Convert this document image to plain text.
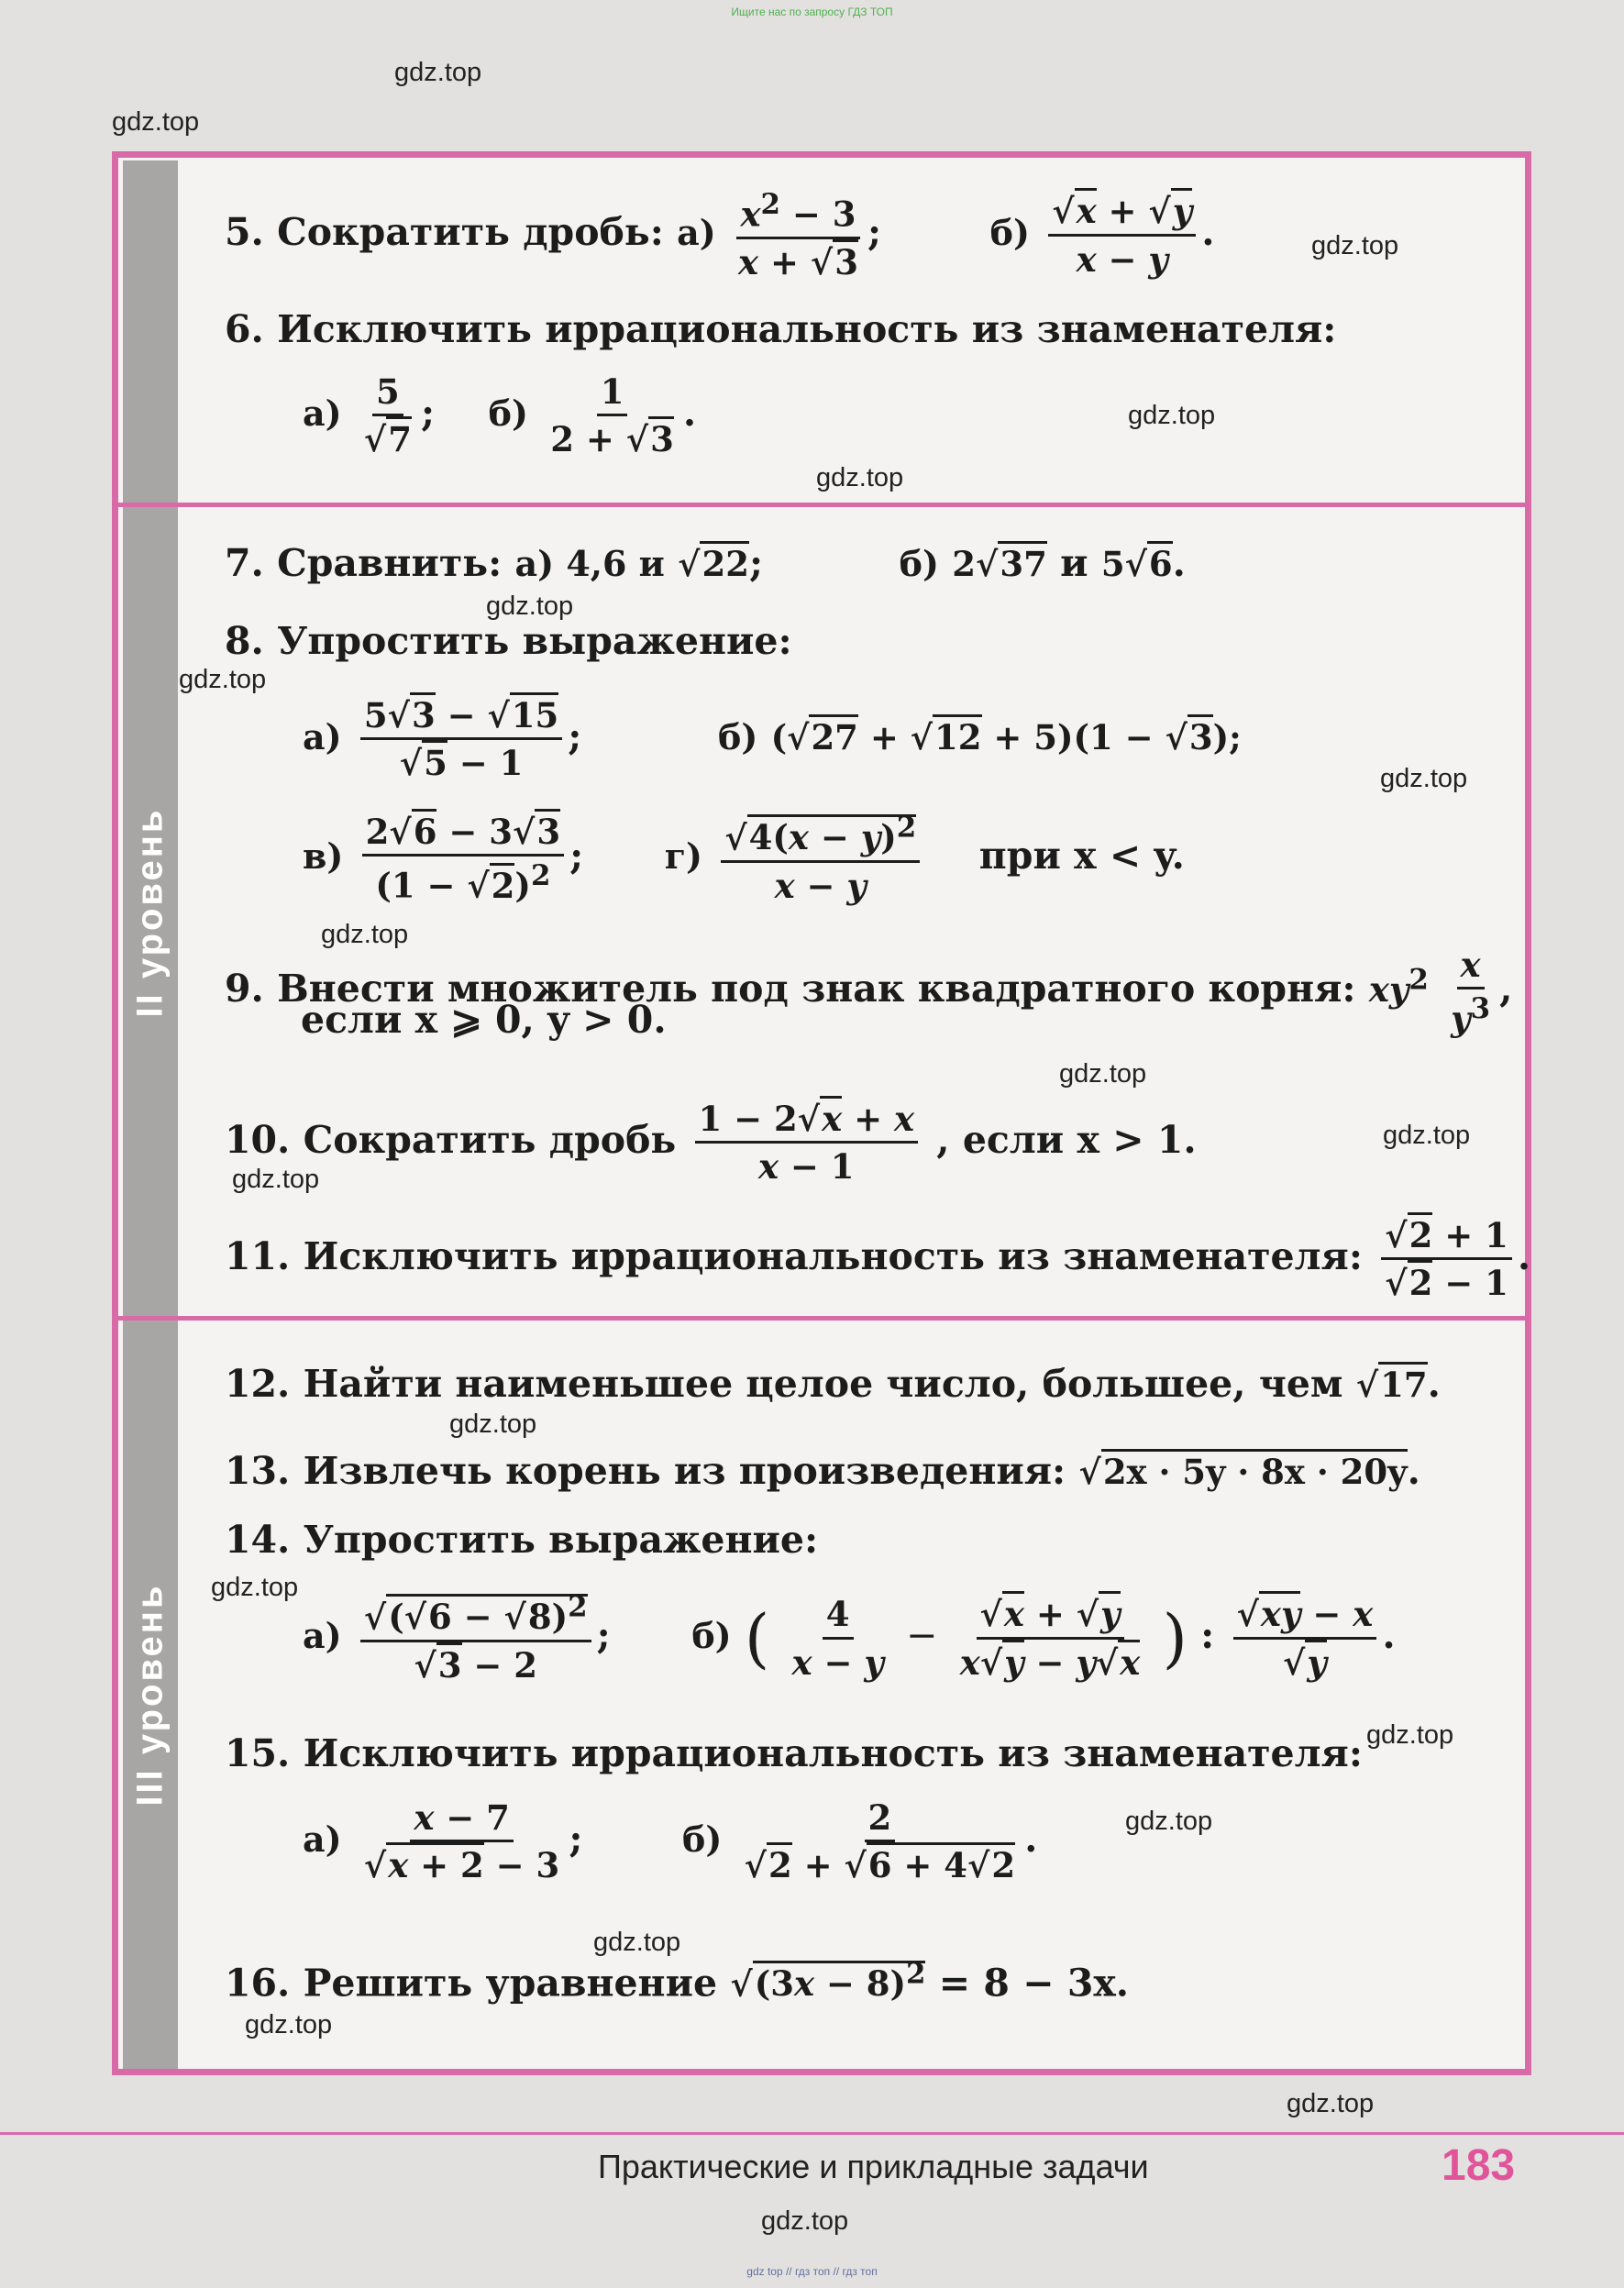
Ищите нас по запросу ГДЗ ТОП
II уровень
III уровень
5. Сократить дробь: $а) \frac{x^2 - 3}{x + √3}$ ;	$б) \frac{√x + √y}{x - y}$ .
6. Исключить иррациональность из знаменателя:
$а) \frac{5}{√7}$ ;  $б) \frac{1}{2 + √3}$ .
7. Сравнить: а) 4,6 и √22;	б) 2√37 и 5√6.
8. Упростить выражение:
$а) \frac{5√3 - √15}{√5 - 1}$ ;	б) (√27 + √12 + 5)(1 − √3);
$в) \frac{2√6 - 3√3}{(1 - √2)^2}$ ;  $г) \frac{√4(x - y)^2}{x - y}$ при x < y.
9. Внести множитель под знак квадратного корня: $xy^2 \frac{x}{y^3}$ ,
если x ⩾ 0, y > 0.
10. Сократить дробь $\frac{1 - 2√x + x}{x - 1}$ , если x > 1.
11. Исключить иррациональность из знаменателя: $\frac{√2 + 1}{√2 - 1}$ .
12. Найти наименьшее целое число, большее, чем √17.
13. Извлечь корень из произведения: √2x · 5y · 8x · 20y.
14. Упростить выражение:
$а) \frac{√(√6 - √8)^2}{√3 - 2}$ ;  б) ( $\frac{4}{x - y} - \frac{√x + √y}{x√y - y√x}$ ) : $\frac{√xy - x}{√y}$ .
15. Исключить иррациональность из знаменателя:
$а) \frac{x - 7}{√x + 2 - 3}$ ;  $б) \frac{2}{√2 + √6 + 4√2}$ .
16. Решить уравнение $√(3x - 8)^2 = 8 - 3x$.
gdz.top
gdz.top
gdz.top
gdz.top
gdz.top
gdz.top
gdz.top
gdz.top
gdz.top
gdz.top
gdz.top
gdz.top
gdz.top
gdz.top
gdz.top
gdz.top
gdz.top
gdz.top
gdz.top
gdz.top
Практические и прикладные задачи	183
gdz top // гдз топ // гдз топ
